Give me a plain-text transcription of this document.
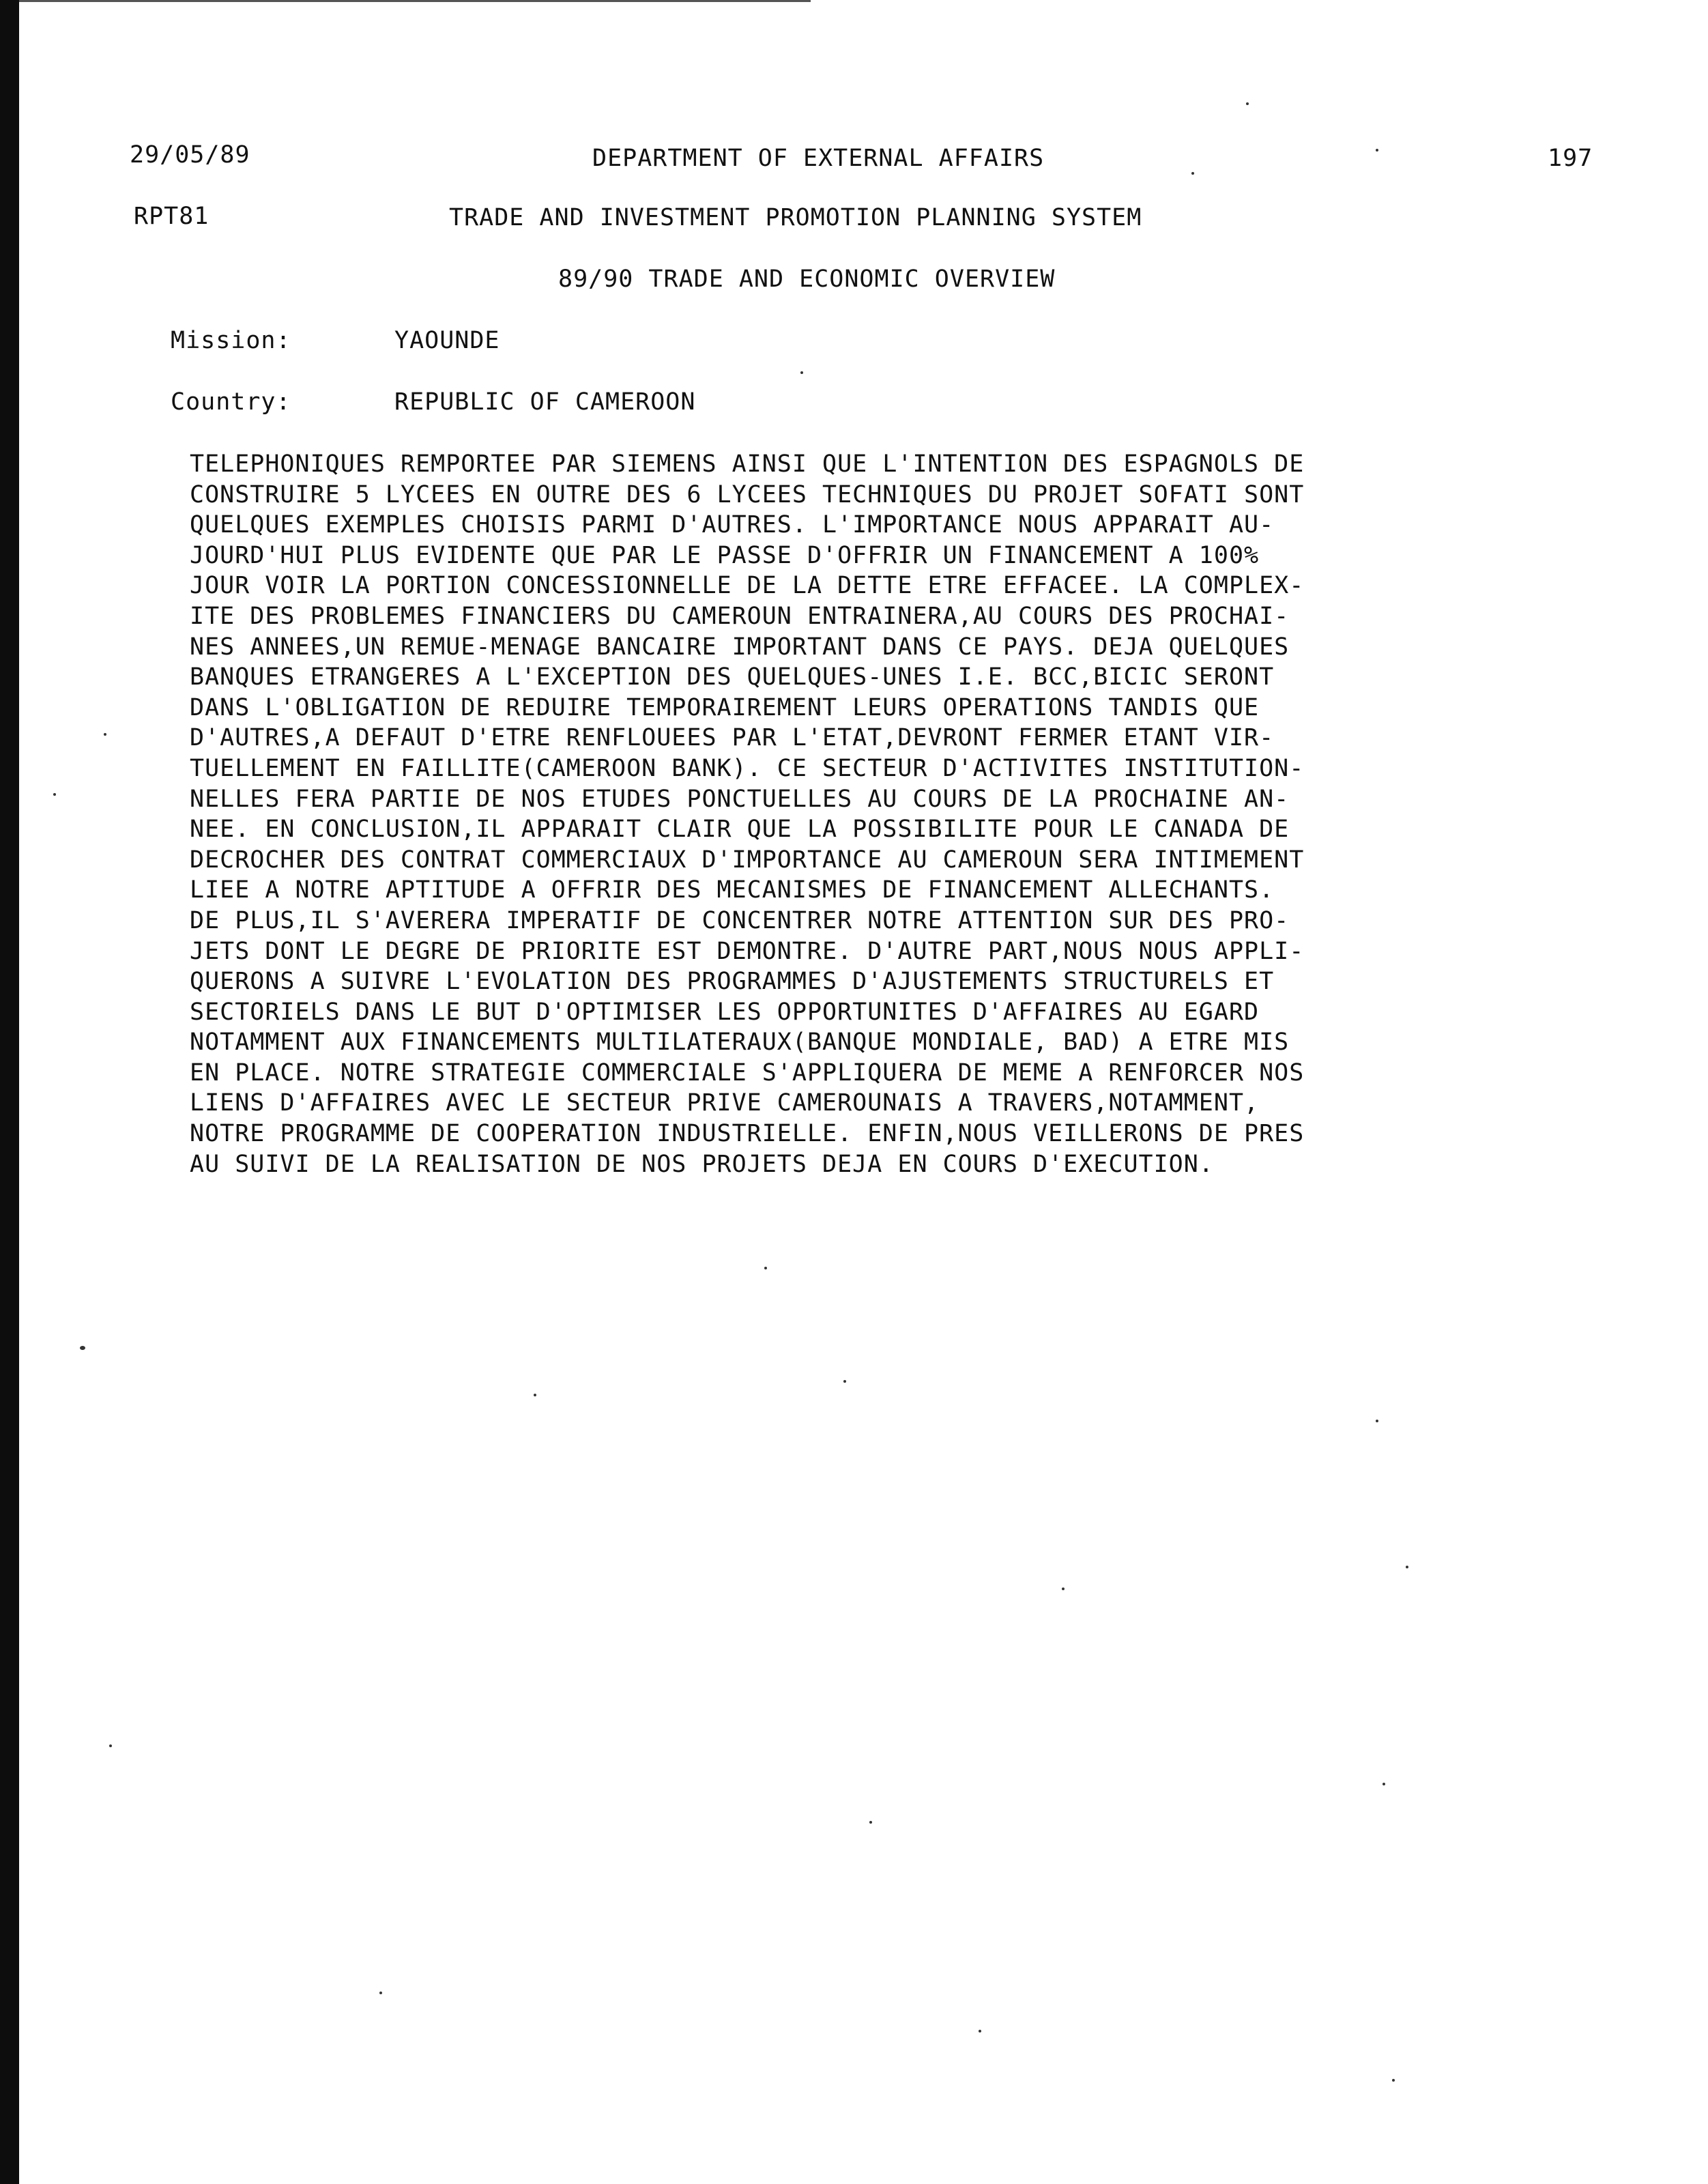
29/05/89	DEPARTMENT OF EXTERNAL AFFAIRS	197
RPT81	TRADE AND INVESTMENT PROMOTION PLANNING SYSTEM
89/90 TRADE AND ECONOMIC OVERVIEW
Mission:	YAOUNDE
Country:	REPUBLIC OF CAMEROON
TELEPHONIQUES REMPORTEE PAR SIEMENS AINSI QUE L'INTENTION DES ESPAGNOLS DE
CONSTRUIRE 5 LYCEES EN OUTRE DES 6 LYCEES TECHNIQUES DU PROJET SOFATI SONT
QUELQUES EXEMPLES CHOISIS PARMI D'AUTRES. L'IMPORTANCE NOUS APPARAIT AU-
JOURD'HUI PLUS EVIDENTE QUE PAR LE PASSE D'OFFRIR UN FINANCEMENT A 100%
JOUR VOIR LA PORTION CONCESSIONNELLE DE LA DETTE ETRE EFFACEE. LA COMPLEX-
ITE DES PROBLEMES FINANCIERS DU CAMEROUN ENTRAINERA,AU COURS DES PROCHAI-
NES ANNEES,UN REMUE-MENAGE BANCAIRE IMPORTANT DANS CE PAYS. DEJA QUELQUES
BANQUES ETRANGERES A L'EXCEPTION DES QUELQUES-UNES I.E. BCC,BICIC SERONT
DANS L'OBLIGATION DE REDUIRE TEMPORAIREMENT LEURS OPERATIONS TANDIS QUE
D'AUTRES,A DEFAUT D'ETRE RENFLOUEES PAR L'ETAT,DEVRONT FERMER ETANT VIR-
TUELLEMENT EN FAILLITE(CAMEROON BANK). CE SECTEUR D'ACTIVITES INSTITUTION-
NELLES FERA PARTIE DE NOS ETUDES PONCTUELLES AU COURS DE LA PROCHAINE AN-
NEE. EN CONCLUSION,IL APPARAIT CLAIR QUE LA POSSIBILITE POUR LE CANADA DE
DECROCHER DES CONTRAT COMMERCIAUX D'IMPORTANCE AU CAMEROUN SERA INTIMEMENT
LIEE A NOTRE APTITUDE A OFFRIR DES MECANISMES DE FINANCEMENT ALLECHANTS.
DE PLUS,IL S'AVERERA IMPERATIF DE CONCENTRER NOTRE ATTENTION SUR DES PRO-
JETS DONT LE DEGRE DE PRIORITE EST DEMONTRE. D'AUTRE PART,NOUS NOUS APPLI-
QUERONS A SUIVRE L'EVOLATION DES PROGRAMMES D'AJUSTEMENTS STRUCTURELS ET
SECTORIELS DANS LE BUT D'OPTIMISER LES OPPORTUNITES D'AFFAIRES AU EGARD
NOTAMMENT AUX FINANCEMENTS MULTILATERAUX(BANQUE MONDIALE, BAD) A ETRE MIS
EN PLACE. NOTRE STRATEGIE COMMERCIALE S'APPLIQUERA DE MEME A RENFORCER NOS
LIENS D'AFFAIRES AVEC LE SECTEUR PRIVE CAMEROUNAIS A TRAVERS,NOTAMMENT,
NOTRE PROGRAMME DE COOPERATION INDUSTRIELLE. ENFIN,NOUS VEILLERONS DE PRES
AU SUIVI DE LA REALISATION DE NOS PROJETS DEJA EN COURS D'EXECUTION.
